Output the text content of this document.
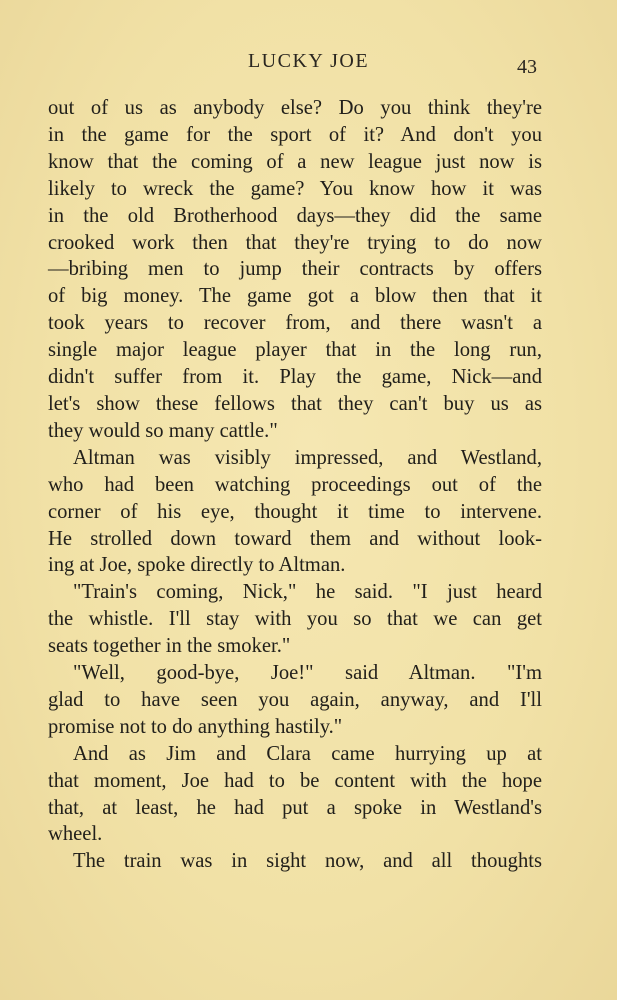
LUCKY JOE	43
out of us as anybody else? Do you think they're
in the game for the sport of it? And don't you
know that the coming of a new league just now is
likely to wreck the game? You know how it was
in the old Brotherhood days—they did the same
crooked work then that they're trying to do now
—bribing men to jump their contracts by offers
of big money. The game got a blow then that it
took years to recover from, and there wasn't a
single major league player that in the long run,
didn't suffer from it. Play the game, Nick—and
let's show these fellows that they can't buy us as
they would so many cattle."
Altman was visibly impressed, and Westland,
who had been watching proceedings out of the
corner of his eye, thought it time to intervene.
He strolled down toward them and without look-
ing at Joe, spoke directly to Altman.
"Train's coming, Nick," he said. "I just heard
the whistle. I'll stay with you so that we can get
seats together in the smoker."
"Well, good-bye, Joe!" said Altman. "I'm
glad to have seen you again, anyway, and I'll
promise not to do anything hastily."
And as Jim and Clara came hurrying up at
that moment, Joe had to be content with the hope
that, at least, he had put a spoke in Westland's
wheel.
The train was in sight now, and all thoughts
